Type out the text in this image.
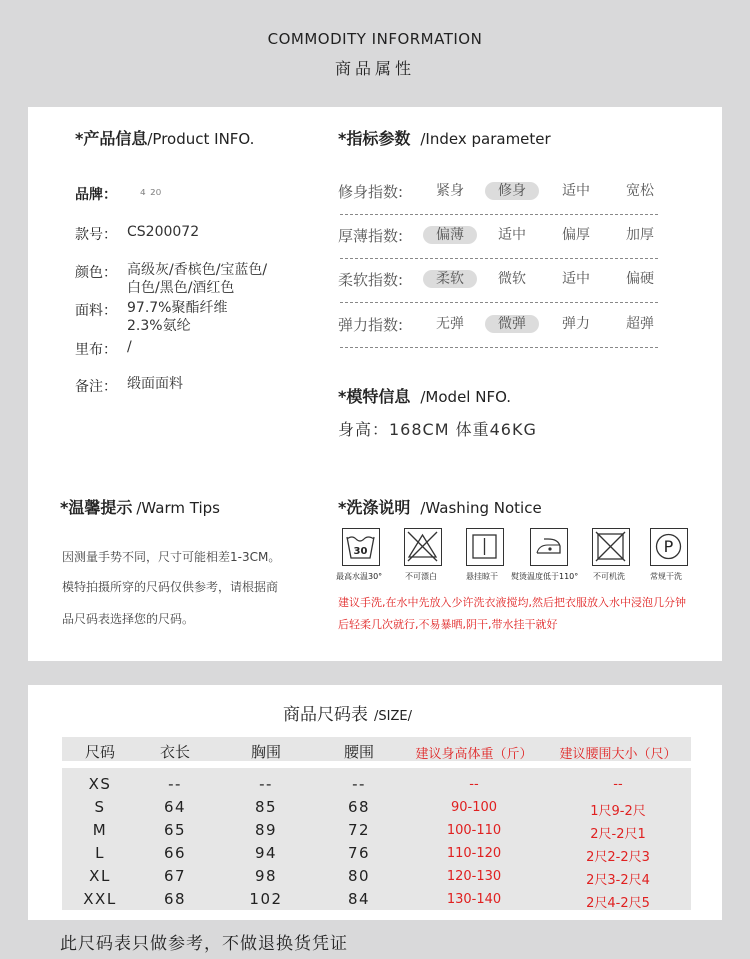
COMMODITY INFORMATION
商品属性
*产品信息/Product INFO.
品牌： ₄ ₂₀
款号： CS200072
颜色： 高级灰/香槟色/宝蓝色/
白色/黑色/酒红色
面料： 97.7%聚酯纤维
2.3%氨纶
里布： /
备注： 缎面面料
*指标参数 /Index parameter
修身指数:	紧身	修身	适中	宽松
厚薄指数:	偏薄	适中	偏厚	加厚
柔软指数:	柔软	微软	适中	偏硬
弹力指数:	无弹	微弹	弹力	超弹
*模特信息 /Model NFO.
身高：168CM 体重46KG
*温馨提示 /Warm Tips
因测量手势不同，尺寸可能相差1-3CM。
模特拍摄所穿的尺码仅供参考，请根据商
品尺码表选择您的尺码。
*洗涤说明 /Washing Notice
30	P
最高水温30°	不可漂白	悬挂晾干 熨烫温度低于110° 不可机洗	常规干洗
建议手洗,在水中先放入少许洗衣液搅均,然后把衣服放入水中浸泡几分钟
后轻柔几次就行,不易暴晒,阴干,带水挂干就好
商品尺码表 /SIZE/
尺码	衣长	胸围	腰围	建议身高体重（斤）	建议腰围大小（尺）
XS	--	--	--	--	--
S	64	85	68	90-100	1尺9-2尺
M	65	89	72	100-110	2尺-2尺1
L	66	94	76	110-120	2尺2-2尺3
XL	67	98	80	120-130	2尺3-2尺4
XXL	68	102	84	130-140	2尺4-2尺5
此尺码表只做参考，不做退换货凭证
